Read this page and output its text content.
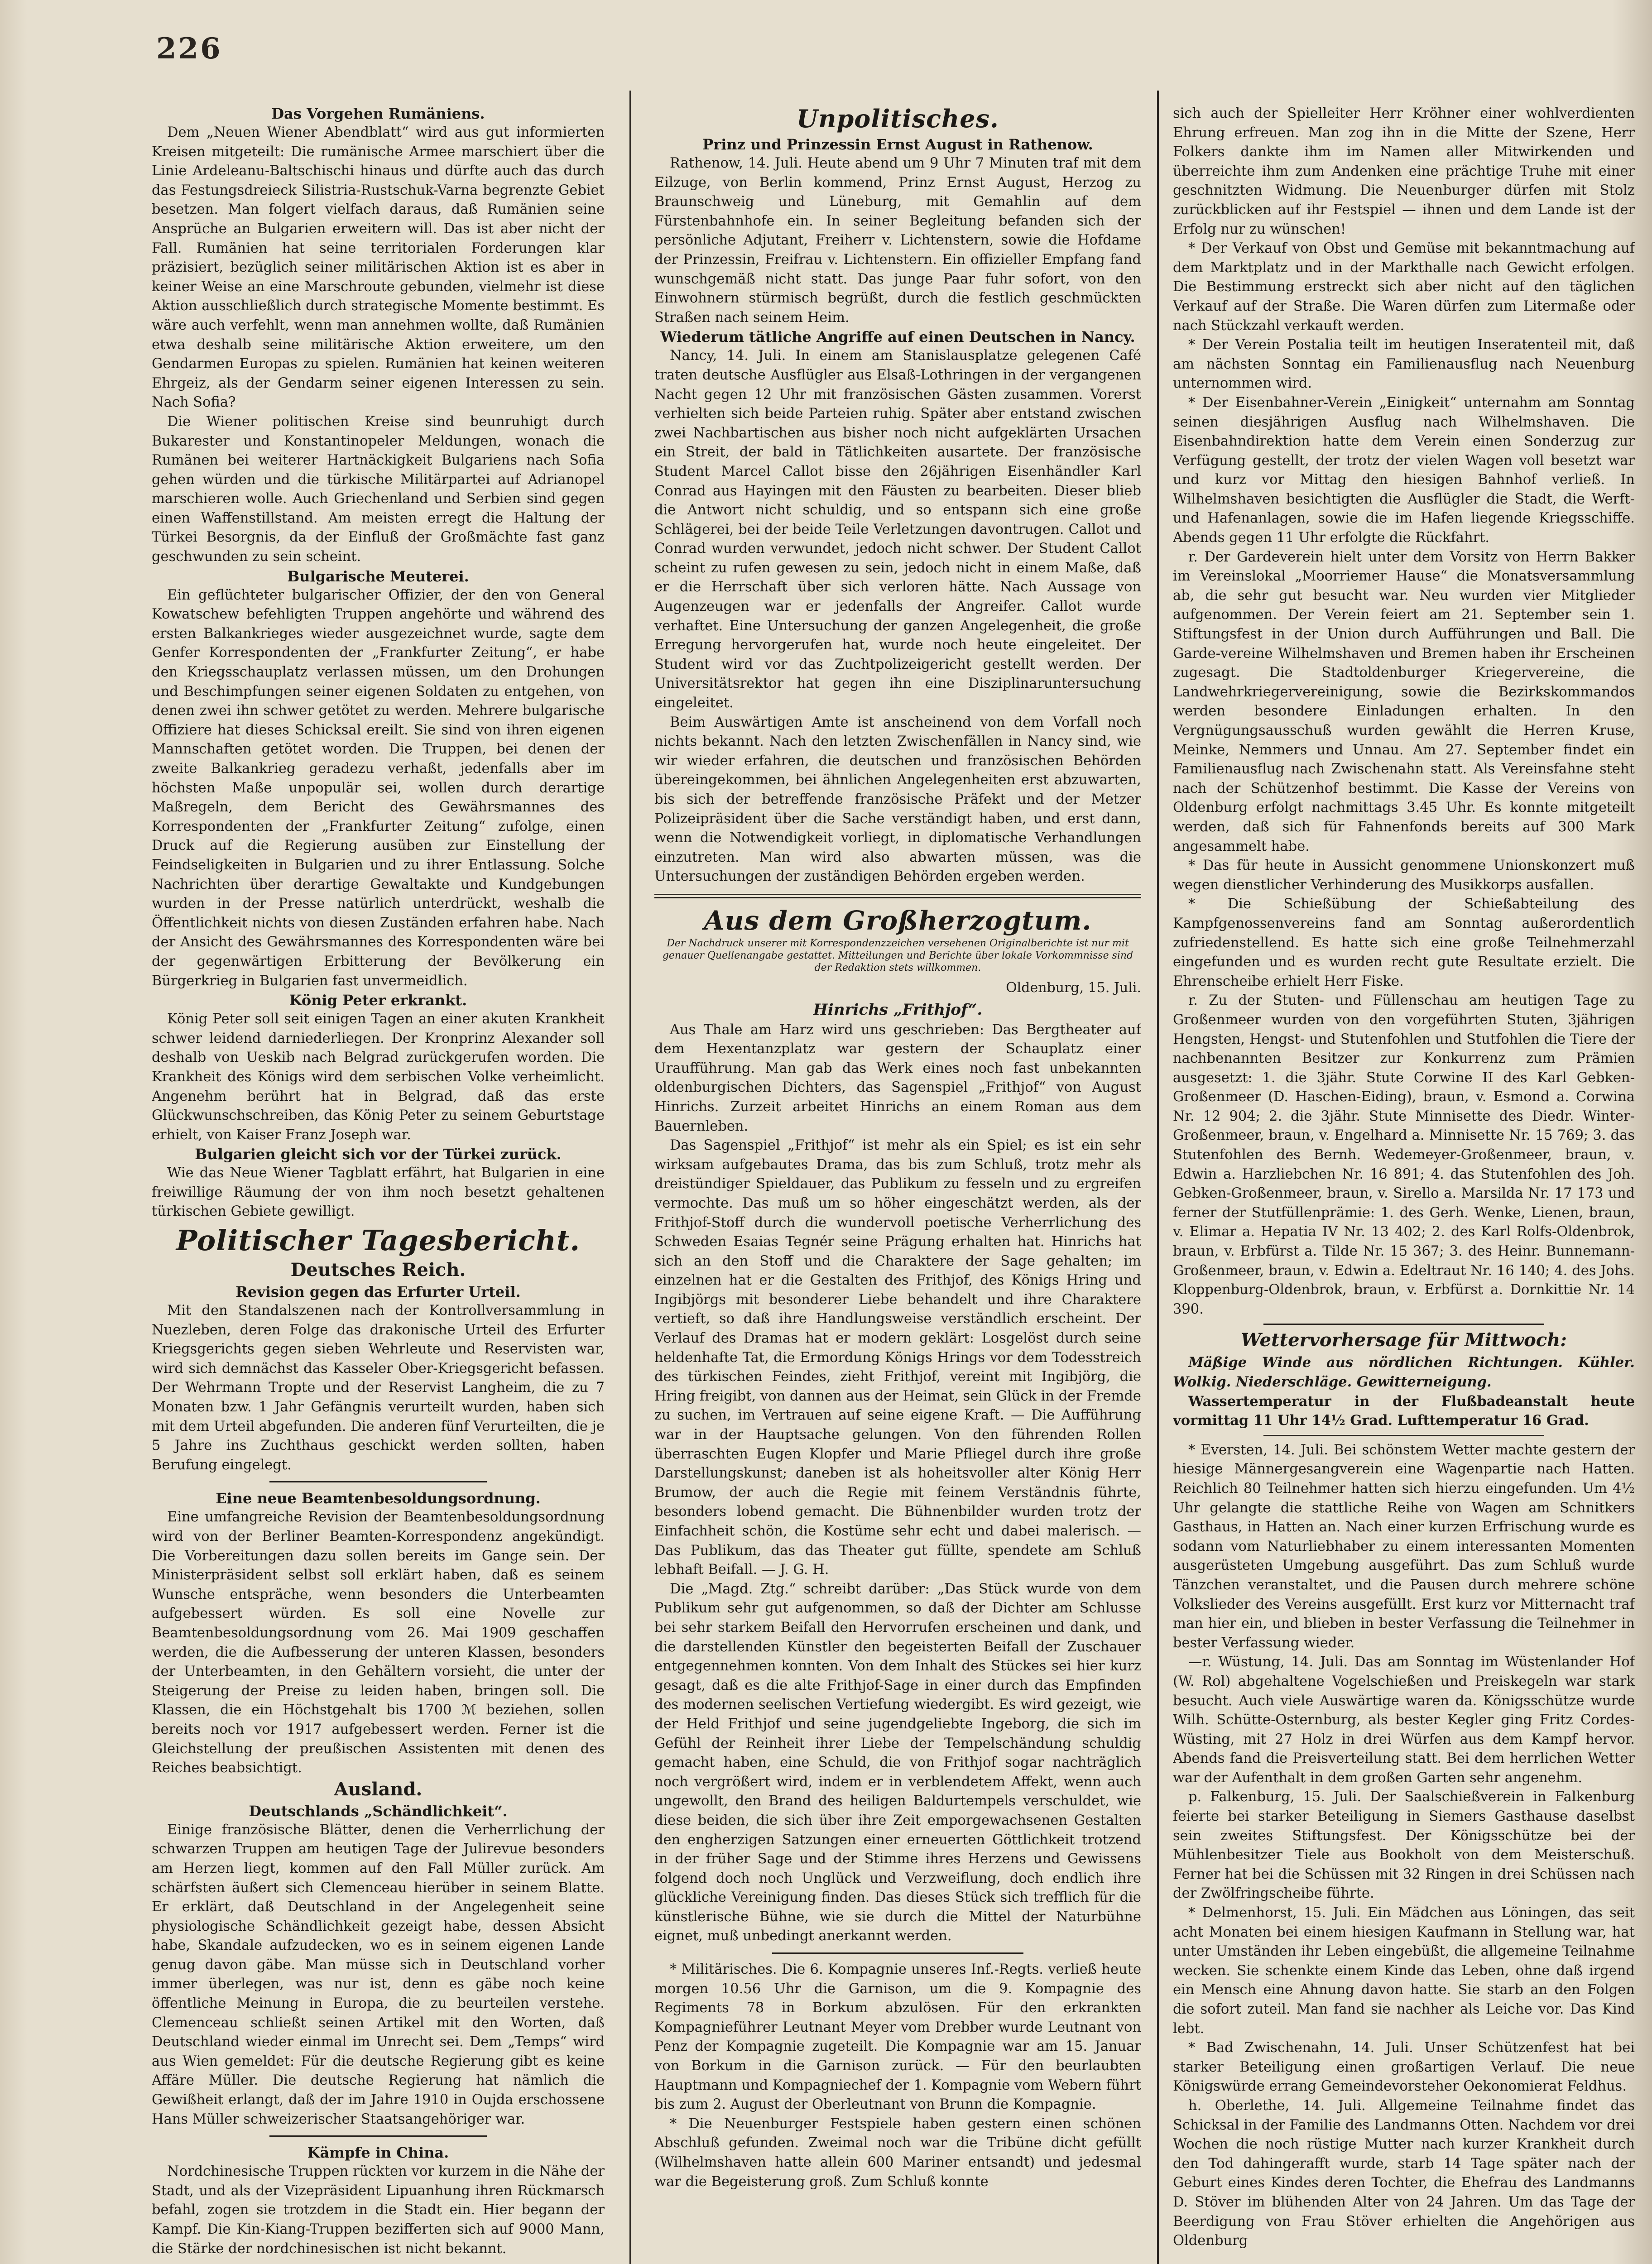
226
Das Vorgehen Rumäniens.

Dem „Neuen Wiener Abendblatt“ wird aus gut informierten Kreisen mitgeteilt: Die rumänische Armee marschiert über die Linie Ardeleanu-Baltschischi hinaus und dürfte auch das durch das Festungsdreieck Silistria-Rustschuk-Varna begrenzte Gebiet besetzen. Man folgert vielfach daraus, daß Rumänien seine Ansprüche an Bulgarien erweitern will. Das ist aber nicht der Fall. Rumänien hat seine territorialen Forderungen klar präzisiert, bezüglich seiner militärischen Aktion ist es aber in keiner Weise an eine Marschroute gebunden, vielmehr ist diese Aktion ausschließlich durch strategische Momente bestimmt. Es wäre auch verfehlt, wenn man annehmen wollte, daß Rumänien etwa deshalb seine militärische Aktion erweitere, um den Gendarmen Europas zu spielen. Rumänien hat keinen weiteren Ehrgeiz, als der Gendarm seiner eigenen Interessen zu sein. Nach Sofia?

Die Wiener politischen Kreise sind beunruhigt durch Bukarester und Konstantinopeler Meldungen, wonach die Rumänen bei weiterer Hartnäckigkeit Bulgariens nach Sofia gehen würden und die türkische Militärpartei auf Adrianopel marschieren wolle. Auch Griechenland und Serbien sind gegen einen Waffenstillstand. Am meisten erregt die Haltung der Türkei Besorgnis, da der Einfluß der Großmächte fast ganz geschwunden zu sein scheint.

Bulgarische Meuterei.

Ein geflüchteter bulgarischer Offizier, der den von General Kowatschew befehligten Truppen angehörte und während des ersten Balkankrieges wieder ausgezeichnet wurde, sagte dem Genfer Korrespondenten der „Frankfurter Zeitung“, er habe den Kriegsschauplatz verlassen müssen, um den Drohungen und Beschimpfungen seiner eigenen Soldaten zu entgehen, von denen zwei ihn schwer getötet zu werden. Mehrere bulgarische Offiziere hat dieses Schicksal ereilt. Sie sind von ihren eigenen Mannschaften getötet worden. Die Truppen, bei denen der zweite Balkankrieg geradezu verhaßt, jedenfalls aber im höchsten Maße unpopulär sei, wollen durch derartige Maßregeln, dem Bericht des Gewährsmannes des Korrespondenten der „Frankfurter Zeitung“ zufolge, einen Druck auf die Regierung ausüben zur Einstellung der Feindseligkeiten in Bulgarien und zu ihrer Entlassung. Solche Nachrichten über derartige Gewaltakte und Kundgebungen wurden in der Presse natürlich unterdrückt, weshalb die Öffentlichkeit nichts von diesen Zuständen erfahren habe. Nach der Ansicht des Gewährsmannes des Korrespondenten wäre bei der gegenwärtigen Erbitterung der Bevölkerung ein Bürgerkrieg in Bulgarien fast unvermeidlich.

König Peter erkrankt.

König Peter soll seit einigen Tagen an einer akuten Krankheit schwer leidend darniederliegen. Der Kronprinz Alexander soll deshalb von Ueskib nach Belgrad zurückgerufen worden. Die Krankheit des Königs wird dem serbischen Volke verheimlicht. Angenehm berührt hat in Belgrad, daß das erste Glückwunschschreiben, das König Peter zu seinem Geburtstage erhielt, von Kaiser Franz Joseph war.

Bulgarien gleicht sich vor der Türkei zurück.

Wie das Neue Wiener Tagblatt erfährt, hat Bulgarien in eine freiwillige Räumung der von ihm noch besetzt gehaltenen türkischen Gebiete gewilligt.

Politischer Tagesbericht.
Deutsches Reich.
Revision gegen das Erfurter Urteil.

Mit den Standalszenen nach der Kontrollversammlung in Nuezleben, deren Folge das drakonische Urteil des Erfurter Kriegsgerichts gegen sieben Wehrleute und Reservisten war, wird sich demnächst das Kasseler Ober-Kriegsgericht befassen. Der Wehrmann Tropte und der Reservist Langheim, die zu 7 Monaten bzw. 1 Jahr Gefängnis verurteilt wurden, haben sich mit dem Urteil abgefunden. Die anderen fünf Verurteilten, die je 5 Jahre ins Zuchthaus geschickt werden sollten, haben Berufung eingelegt.

Eine neue Beamtenbesoldungsordnung.

Eine umfangreiche Revision der Beamtenbesoldungsordnung wird von der Berliner Beamten-Korrespondenz angekündigt. Die Vorbereitungen dazu sollen bereits im Gange sein. Der Ministerpräsident selbst soll erklärt haben, daß es seinem Wunsche entspräche, wenn besonders die Unterbeamten aufgebessert würden. Es soll eine Novelle zur Beamtenbesoldungsordnung vom 26. Mai 1909 geschaffen werden, die die Aufbesserung der unteren Klassen, besonders der Unterbeamten, in den Gehältern vorsieht, die unter der Steigerung der Preise zu leiden haben, bringen soll. Die Klassen, die ein Höchstgehalt bis 1700 ℳ beziehen, sollen bereits noch vor 1917 aufgebessert werden. Ferner ist die Gleichstellung der preußischen Assistenten mit denen des Reiches beabsichtigt.

Ausland.
Deutschlands „Schändlichkeit“.

Einige französische Blätter, denen die Verherrlichung der schwarzen Truppen am heutigen Tage der Julirevue besonders am Herzen liegt, kommen auf den Fall Müller zurück. Am schärfsten äußert sich Clemenceau hierüber in seinem Blatte. Er erklärt, daß Deutschland in der Angelegenheit seine physiologische Schändlichkeit gezeigt habe, dessen Absicht habe, Skandale aufzudecken, wo es in seinem eigenen Lande genug davon gäbe. Man müsse sich in Deutschland vorher immer überlegen, was nur ist, denn es gäbe noch keine öffentliche Meinung in Europa, die zu beurteilen verstehe. Clemenceau schließt seinen Artikel mit den Worten, daß Deutschland wieder einmal im Unrecht sei. Dem „Temps“ wird aus Wien gemeldet: Für die deutsche Regierung gibt es keine Affäre Müller. Die deutsche Regierung hat nämlich die Gewißheit erlangt, daß der im Jahre 1910 in Oujda erschossene Hans Müller schweizerischer Staatsangehöriger war.

Kämpfe in China.

Nordchinesische Truppen rückten vor kurzem in die Nähe der Stadt, und als der Vizepräsident Lipuanhung ihren Rückmarsch befahl, zogen sie trotzdem in die Stadt ein. Hier begann der Kampf. Die Kin-Kiang-Truppen bezifferten sich auf 9000 Mann, die Stärke der nordchinesischen ist nicht bekannt.

Unpolitisches.
Prinz und Prinzessin Ernst August in Rathenow.

Rathenow, 14. Juli. Heute abend um 9 Uhr 7 Minuten traf mit dem Eilzuge, von Berlin kommend, Prinz Ernst August, Herzog zu Braunschweig und Lüneburg, mit Gemahlin auf dem Fürstenbahnhofe ein. In seiner Begleitung befanden sich der persönliche Adjutant, Freiherr v. Lichtenstern, sowie die Hofdame der Prinzessin, Freifrau v. Lichtenstern. Ein offizieller Empfang fand wunschgemäß nicht statt. Das junge Paar fuhr sofort, von den Einwohnern stürmisch begrüßt, durch die festlich geschmückten Straßen nach seinem Heim.

Wiederum tätliche Angriffe auf einen Deutschen in Nancy.

Nancy, 14. Juli. In einem am Stanislausplatze gelegenen Café traten deutsche Ausflügler aus Elsaß-Lothringen in der vergangenen Nacht gegen 12 Uhr mit französischen Gästen zusammen. Vorerst verhielten sich beide Parteien ruhig. Später aber entstand zwischen zwei Nachbartischen aus bisher noch nicht aufgeklärten Ursachen ein Streit, der bald in Tätlichkeiten ausartete. Der französische Student Marcel Callot bisse den 26jährigen Eisenhändler Karl Conrad aus Hayingen mit den Fäusten zu bearbeiten. Dieser blieb die Antwort nicht schuldig, und so entspann sich eine große Schlägerei, bei der beide Teile Verletzungen davontrugen. Callot und Conrad wurden verwundet, jedoch nicht schwer. Der Student Callot scheint zu rufen gewesen zu sein, jedoch nicht in einem Maße, daß er die Herrschaft über sich verloren hätte. Nach Aussage von Augenzeugen war er jedenfalls der Angreifer. Callot wurde verhaftet. Eine Untersuchung der ganzen Angelegenheit, die große Erregung hervorgerufen hat, wurde noch heute eingeleitet. Der Student wird vor das Zuchtpolizeigericht gestellt werden. Der Universitätsrektor hat gegen ihn eine Disziplinaruntersuchung eingeleitet.

Beim Auswärtigen Amte ist anscheinend von dem Vorfall noch nichts bekannt. Nach den letzten Zwischenfällen in Nancy sind, wie wir wieder erfahren, die deutschen und französischen Behörden übereingekommen, bei ähnlichen Angelegenheiten erst abzuwarten, bis sich der betreffende französische Präfekt und der Metzer Polizeipräsident über die Sache verständigt haben, und erst dann, wenn die Notwendigkeit vorliegt, in diplomatische Verhandlungen einzutreten. Man wird also abwarten müssen, was die Untersuchungen der zuständigen Behörden ergeben werden.

Aus dem Großherzogtum.
Der Nachdruck unserer mit Korrespondenzzeichen versehenen Originalberichte ist nur mit genauer Quellenangabe gestattet. Mitteilungen und Berichte über lokale Vorkommnisse sind der Redaktion stets willkommen.
Oldenburg, 15. Juli.
Hinrichs „Frithjof“.

Aus Thale am Harz wird uns geschrieben: Das Bergtheater auf dem Hexentanzplatz war gestern der Schauplatz einer Uraufführung. Man gab das Werk eines noch fast unbekannten oldenburgischen Dichters, das Sagenspiel „Frithjof“ von August Hinrichs. Zurzeit arbeitet Hinrichs an einem Roman aus dem Bauernleben.

Das Sagenspiel „Frithjof“ ist mehr als ein Spiel; es ist ein sehr wirksam aufgebautes Drama, das bis zum Schluß, trotz mehr als dreistündiger Spieldauer, das Publikum zu fesseln und zu ergreifen vermochte. Das muß um so höher eingeschätzt werden, als der Frithjof-Stoff durch die wundervoll poetische Verherrlichung des Schweden Esaias Tegnér seine Prägung erhalten hat. Hinrichs hat sich an den Stoff und die Charaktere der Sage gehalten; im einzelnen hat er die Gestalten des Frithjof, des Königs Hring und Ingibjörgs mit besonderer Liebe behandelt und ihre Charaktere vertieft, so daß ihre Handlungsweise verständlich erscheint. Der Verlauf des Dramas hat er modern geklärt: Losgelöst durch seine heldenhafte Tat, die Ermordung Königs Hrings vor dem Todesstreich des türkischen Feindes, zieht Frithjof, vereint mit Ingibjörg, die Hring freigibt, von dannen aus der Heimat, sein Glück in der Fremde zu suchen, im Vertrauen auf seine eigene Kraft. — Die Aufführung war in der Hauptsache gelungen. Von den führenden Rollen überraschten Eugen Klopfer und Marie Pfliegel durch ihre große Darstellungskunst; daneben ist als hoheitsvoller alter König Herr Brumow, der auch die Regie mit feinem Verständnis führte, besonders lobend gemacht. Die Bühnenbilder wurden trotz der Einfachheit schön, die Kostüme sehr echt und dabei malerisch. — Das Publikum, das das Theater gut füllte, spendete am Schluß lebhaft Beifall. — J. G. H.

Die „Magd. Ztg.“ schreibt darüber: „Das Stück wurde von dem Publikum sehr gut aufgenommen, so daß der Dichter am Schlusse bei sehr starkem Beifall den Hervorrufen erscheinen und dank, und die darstellenden Künstler den begeisterten Beifall der Zuschauer entgegennehmen konnten. Von dem Inhalt des Stückes sei hier kurz gesagt, daß es die alte Frithjof-Sage in einer durch das Empfinden des modernen seelischen Vertiefung wiedergibt. Es wird gezeigt, wie der Held Frithjof und seine jugendgeliebte Ingeborg, die sich im Gefühl der Reinheit ihrer Liebe der Tempelschändung schuldig gemacht haben, eine Schuld, die von Frithjof sogar nachträglich noch vergrößert wird, indem er in verblendetem Affekt, wenn auch ungewollt, den Brand des heiligen Baldurtempels verschuldet, wie diese beiden, die sich über ihre Zeit emporgewachsenen Gestalten den engherzigen Satzungen einer erneuerten Göttlichkeit trotzend in der früher Sage und der Stimme ihres Herzens und Gewissens folgend doch noch Unglück und Verzweiflung, doch endlich ihre glückliche Vereinigung finden. Das dieses Stück sich trefflich für die künstlerische Bühne, wie sie durch die Mittel der Naturbühne eignet, muß unbedingt anerkannt werden.

* Militärisches. Die 6. Kompagnie unseres Inf.-Regts. verließ heute morgen 10.56 Uhr die Garnison, um die 9. Kompagnie des Regiments 78 in Borkum abzulösen. Für den erkrankten Kompagnieführer Leutnant Meyer vom Drebber wurde Leutnant von Penz der Kompagnie zugeteilt. Die Kompagnie war am 15. Januar von Borkum in die Garnison zurück. — Für den beurlaubten Hauptmann und Kompagniechef der 1. Kompagnie vom Webern führt bis zum 2. August der Oberleutnant von Brunn die Kompagnie.

* Die Neuenburger Festspiele haben gestern einen schönen Abschluß gefunden. Zweimal noch war die Tribüne dicht gefüllt (Wilhelmshaven hatte allein 600 Mariner entsandt) und jedesmal war die Begeisterung groß. Zum Schluß konnte

sich auch der Spielleiter Herr Kröhner einer wohlverdienten Ehrung erfreuen. Man zog ihn in die Mitte der Szene, Herr Folkers dankte ihm im Namen aller Mitwirkenden und überreichte ihm zum Andenken eine prächtige Truhe mit einer geschnitzten Widmung. Die Neuenburger dürfen mit Stolz zurückblicken auf ihr Festspiel — ihnen und dem Lande ist der Erfolg nur zu wünschen!

* Der Verkauf von Obst und Gemüse mit bekanntmachung auf dem Marktplatz und in der Markthalle nach Gewicht erfolgen. Die Bestimmung erstreckt sich aber nicht auf den täglichen Verkauf auf der Straße. Die Waren dürfen zum Litermaße oder nach Stückzahl verkauft werden.

* Der Verein Postalia teilt im heutigen Inseratenteil mit, daß am nächsten Sonntag ein Familienausflug nach Neuenburg unternommen wird.

* Der Eisenbahner-Verein „Einigkeit“ unternahm am Sonntag seinen diesjährigen Ausflug nach Wilhelmshaven. Die Eisenbahndirektion hatte dem Verein einen Sonderzug zur Verfügung gestellt, der trotz der vielen Wagen voll besetzt war und kurz vor Mittag den hiesigen Bahnhof verließ. In Wilhelmshaven besichtigten die Ausflügler die Stadt, die Werft- und Hafenanlagen, sowie die im Hafen liegende Kriegsschiffe. Abends gegen 11 Uhr erfolgte die Rückfahrt.

r. Der Gardeverein hielt unter dem Vorsitz von Herrn Bakker im Vereinslokal „Moorriemer Hause“ die Monatsversammlung ab, die sehr gut besucht war. Neu wurden vier Mitglieder aufgenommen. Der Verein feiert am 21. September sein 1. Stiftungsfest in der Union durch Aufführungen und Ball. Die Garde-vereine Wilhelmshaven und Bremen haben ihr Erscheinen zugesagt. Die Stadtoldenburger Kriegervereine, die Landwehrkriegervereinigung, sowie die Bezirkskommandos werden besondere Einladungen erhalten. In den Vergnügungsausschuß wurden gewählt die Herren Kruse, Meinke, Nemmers und Unnau. Am 27. September findet ein Familienausflug nach Zwischenahn statt. Als Vereinsfahne steht nach der Schützenhof bestimmt. Die Kasse der Vereins von Oldenburg erfolgt nachmittags 3.45 Uhr. Es konnte mitgeteilt werden, daß sich für Fahnenfonds bereits auf 300 Mark angesammelt habe.

* Das für heute in Aussicht genommene Unionskonzert muß wegen dienstlicher Verhinderung des Musikkorps ausfallen.

* Die Schießübung der Schießabteilung des Kampfgenossenvereins fand am Sonntag außerordentlich zufriedenstellend. Es hatte sich eine große Teilnehmerzahl eingefunden und es wurden recht gute Resultate erzielt. Die Ehrenscheibe erhielt Herr Fiske.

r. Zu der Stuten- und Füllenschau am heutigen Tage zu Großenmeer wurden von den vorgeführten Stuten, 3jährigen Hengsten, Hengst- und Stutenfohlen und Stutfohlen die Tiere der nachbenannten Besitzer zur Konkurrenz zum Prämien ausgesetzt: 1. die 3jähr. Stute Corwine II des Karl Gebken-Großenmeer (D. Haschen-Eiding), braun, v. Esmond a. Corwina Nr. 12 904; 2. die 3jähr. Stute Minnisette des Diedr. Winter-Großenmeer, braun, v. Engelhard a. Minnisette Nr. 15 769; 3. das Stutenfohlen des Bernh. Wedemeyer-Großenmeer, braun, v. Edwin a. Harzliebchen Nr. 16 891; 4. das Stutenfohlen des Joh. Gebken-Großenmeer, braun, v. Sirello a. Marsilda Nr. 17 173 und ferner der Stutfüllenprämie: 1. des Gerh. Wenke, Lienen, braun, v. Elimar a. Hepatia IV Nr. 13 402; 2. des Karl Rolfs-Oldenbrok, braun, v. Erbfürst a. Tilde Nr. 15 367; 3. des Heinr. Bunnemann-Großenmeer, braun, v. Edwin a. Edeltraut Nr. 16 140; 4. des Johs. Kloppenburg-Oldenbrok, braun, v. Erbfürst a. Dornkittie Nr. 14 390.

Wettervorhersage für Mittwoch:

Mäßige Winde aus nördlichen Richtungen. Kühler. Wolkig. Niederschläge. Gewitterneigung.

Wassertemperatur in der Flußbadeanstalt heute vormittag 11 Uhr 14½ Grad. Lufttemperatur 16 Grad.

* Eversten, 14. Juli. Bei schönstem Wetter machte gestern der hiesige Männergesangverein eine Wagenpartie nach Hatten. Reichlich 80 Teilnehmer hatten sich hierzu eingefunden. Um 4½ Uhr gelangte die stattliche Reihe von Wagen am Schnitkers Gasthaus, in Hatten an. Nach einer kurzen Erfrischung wurde es sodann vom Naturliebhaber zu einem interessanten Momenten ausgerüsteten Umgebung ausgeführt. Das zum Schluß wurde Tänzchen veranstaltet, und die Pausen durch mehrere schöne Volkslieder des Vereins ausgefüllt. Erst kurz vor Mitternacht traf man hier ein, und blieben in bester Verfassung die Teilnehmer in bester Verfassung wieder.

—r. Wüstung, 14. Juli. Das am Sonntag im Wüstenlander Hof (W. Rol) abgehaltene Vogelschießen und Preiskegeln war stark besucht. Auch viele Auswärtige waren da. Königsschütze wurde Wilh. Schütte-Osternburg, als bester Kegler ging Fritz Cordes-Wüsting, mit 27 Holz in drei Würfen aus dem Kampf hervor. Abends fand die Preisverteilung statt. Bei dem herrlichen Wetter war der Aufenthalt in dem großen Garten sehr angenehm.

p. Falkenburg, 15. Juli. Der Saalschießverein in Falkenburg feierte bei starker Beteiligung in Siemers Gasthause daselbst sein zweites Stiftungsfest. Der Königsschütze bei der Mühlenbesitzer Tiele aus Bookholt von dem Meisterschuß. Ferner hat bei die Schüssen mit 32 Ringen in drei Schüssen nach der Zwölfringscheibe führte.

* Delmenhorst, 15. Juli. Ein Mädchen aus Löningen, das seit acht Monaten bei einem hiesigen Kaufmann in Stellung war, hat unter Umständen ihr Leben eingebüßt, die allgemeine Teilnahme wecken. Sie schenkte einem Kinde das Leben, ohne daß irgend ein Mensch eine Ahnung davon hatte. Sie starb an den Folgen die sofort zuteil. Man fand sie nachher als Leiche vor. Das Kind lebt.

* Bad Zwischenahn, 14. Juli. Unser Schützenfest hat bei starker Beteiligung einen großartigen Verlauf. Die neue Königswürde errang Gemeindevorsteher Oekonomierat Feldhus.

h. Oberlethe, 14. Juli. Allgemeine Teilnahme findet das Schicksal in der Familie des Landmanns Otten. Nachdem vor drei Wochen die noch rüstige Mutter nach kurzer Krankheit durch den Tod dahingerafft wurde, starb 14 Tage später nach der Geburt eines Kindes deren Tochter, die Ehefrau des Landmanns D. Stöver im blühenden Alter von 24 Jahren. Um das Tage der Beerdigung von Frau Stöver erhielten die Angehörigen aus Oldenburg
